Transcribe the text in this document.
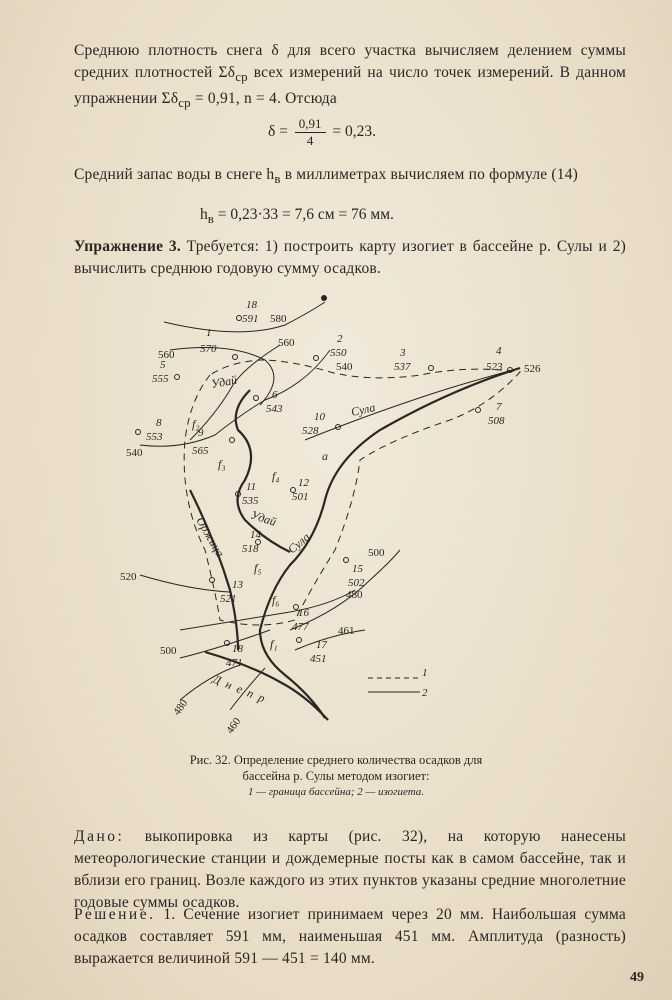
Среднюю плотность снега δ для всего участка вычисляем делением суммы средних плотностей $\Sigma\delta_{ср}$ всех измерений на число точек измерений. В данном упражнении $\Sigma\delta_{ср} = 0,91$, n = 4. Отсюда
$\delta = \frac{0,91}{4} = 0,23$.
Средний запас воды в снеге $h_в$ в миллиметрах вычисляем по формуле (14)
$h_в = 0,23\cdot 33 = 7,6$ см = 76 мм.
Упражнение 3. Требуется: 1) построить карту изогиет в бассейне р. Сулы и 2) вычислить среднюю годовую сумму осадков.
18
591
1
570
2
550	3
537
4
523
5
555
6
543	7
508
8
553	9
565
10
528
11
535
12
501
14
518
13
521
15
502
16
477
17
451
18
471
580
560
560
540
540	526
500
520
480
461
500
480
460
Удай
Сула
Сула
Удай
Оржица
Днепр
f₁
f₂
f₃
f₄
f₅
f₆
a
1
2
Рис. 32. Определение среднего количества осадков для
бассейна р. Сулы методом изогиет:
1 — граница бассейна; 2 — изогиета.
Дано: выкопировка из карты (рис. 32), на которую нанесены метеорологические станции и дождемерные посты как в самом бассейне, так и вблизи его границ. Возле каждого из этих пунктов указаны средние многолетние годовые суммы осадков.
Решение. 1. Сечение изогиет принимаем через 20 мм. Наибольшая сумма осадков составляет 591 мм, наименьшая 451 мм. Амплитуда (разность) выражается величиной 591 — 451 = 140 мм.
49
